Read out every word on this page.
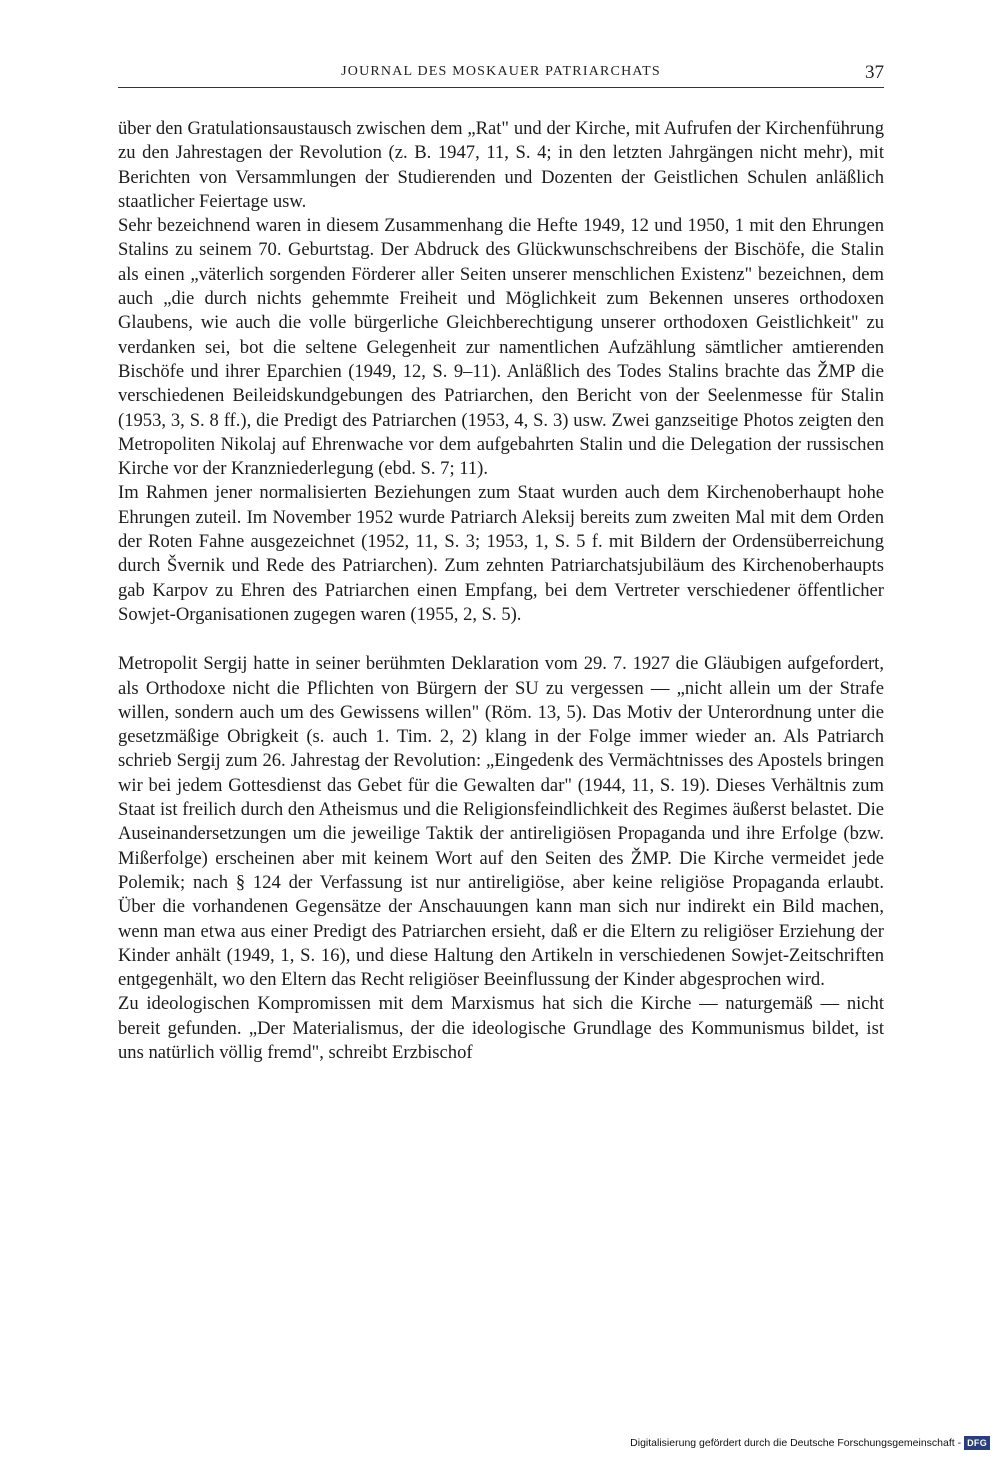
JOURNAL DES MOSKAUER PATRIARCHATS	37

über den Gratulationsaustausch zwischen dem „Rat" und der Kirche, mit Aufrufen der Kirchenführung zu den Jahrestagen der Revolution (z. B. 1947, 11, S. 4; in den letzten Jahrgängen nicht mehr), mit Berichten von Versammlungen der Studierenden und Dozenten der Geistlichen Schulen anläßlich staatlicher Feiertage usw.

Sehr bezeichnend waren in diesem Zusammenhang die Hefte 1949, 12 und 1950, 1 mit den Ehrungen Stalins zu seinem 70. Geburtstag. Der Abdruck des Glückwunschschreibens der Bischöfe, die Stalin als einen „väterlich sorgenden Förderer aller Seiten unserer menschlichen Existenz" bezeichnen, dem auch „die durch nichts gehemmte Freiheit und Möglichkeit zum Bekennen unseres orthodoxen Glaubens, wie auch die volle bürgerliche Gleichberechtigung unserer orthodoxen Geistlichkeit" zu verdanken sei, bot die seltene Gelegenheit zur namentlichen Aufzählung sämtlicher amtierenden Bischöfe und ihrer Eparchien (1949, 12, S. 9–11). Anläßlich des Todes Stalins brachte das ŽMP die verschiedenen Beileidskundgebungen des Patriarchen, den Bericht von der Seelenmesse für Stalin (1953, 3, S. 8 ff.), die Predigt des Patriarchen (1953, 4, S. 3) usw. Zwei ganzseitige Photos zeigten den Metropoliten Nikolaj auf Ehrenwache vor dem aufgebahrten Stalin und die Delegation der russischen Kirche vor der Kranzniederlegung (ebd. S. 7; 11).

Im Rahmen jener normalisierten Beziehungen zum Staat wurden auch dem Kirchenoberhaupt hohe Ehrungen zuteil. Im November 1952 wurde Patriarch Aleksij bereits zum zweiten Mal mit dem Orden der Roten Fahne ausgezeichnet (1952, 11, S. 3; 1953, 1, S. 5 f. mit Bildern der Ordensüberreichung durch Švernik und Rede des Patriarchen). Zum zehnten Patriarchatsjubiläum des Kirchenoberhaupts gab Karpov zu Ehren des Patriarchen einen Empfang, bei dem Vertreter verschiedener öffentlicher Sowjet-Organisationen zugegen waren (1955, 2, S. 5).

Metropolit Sergij hatte in seiner berühmten Deklaration vom 29. 7. 1927 die Gläubigen aufgefordert, als Orthodoxe nicht die Pflichten von Bürgern der SU zu vergessen — „nicht allein um der Strafe willen, sondern auch um des Gewissens willen" (Röm. 13, 5). Das Motiv der Unterordnung unter die gesetzmäßige Obrigkeit (s. auch 1. Tim. 2, 2) klang in der Folge immer wieder an. Als Patriarch schrieb Sergij zum 26. Jahrestag der Revolution: „Eingedenk des Vermächtnisses des Apostels bringen wir bei jedem Gottesdienst das Gebet für die Gewalten dar" (1944, 11, S. 19). Dieses Verhältnis zum Staat ist freilich durch den Atheismus und die Religionsfeindlichkeit des Regimes äußerst belastet. Die Auseinandersetzungen um die jeweilige Taktik der antireligiösen Propaganda und ihre Erfolge (bzw. Mißerfolge) erscheinen aber mit keinem Wort auf den Seiten des ŽMP. Die Kirche vermeidet jede Polemik; nach § 124 der Verfassung ist nur antireligiöse, aber keine religiöse Propaganda erlaubt. Über die vorhandenen Gegensätze der Anschauungen kann man sich nur indirekt ein Bild machen, wenn man etwa aus einer Predigt des Patriarchen ersieht, daß er die Eltern zu religiöser Erziehung der Kinder anhält (1949, 1, S. 16), und diese Haltung den Artikeln in verschiedenen Sowjet-Zeitschriften entgegenhält, wo den Eltern das Recht religiöser Beeinflussung der Kinder abgesprochen wird.

Zu ideologischen Kompromissen mit dem Marxismus hat sich die Kirche — naturgemäß — nicht bereit gefunden. „Der Materialismus, der die ideologische Grundlage des Kommunismus bildet, ist uns natürlich völlig fremd", schreibt Erzbischof

Digitalisierung gefördert durch die Deutsche Forschungsgemeinschaft - DFG
